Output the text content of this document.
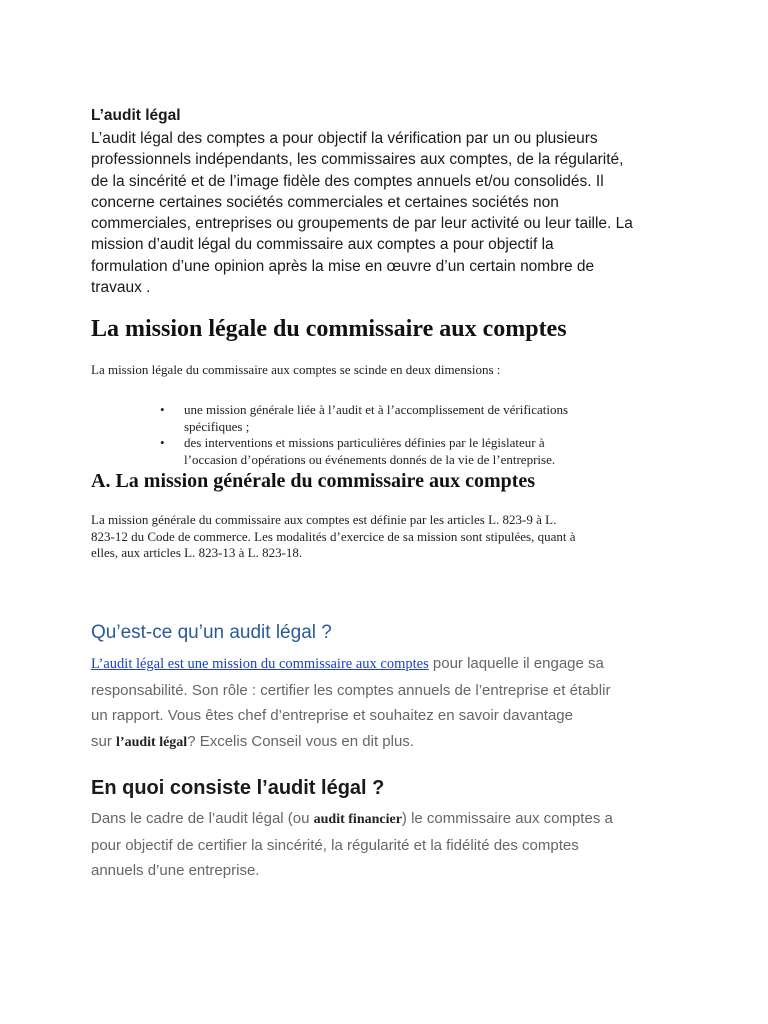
L’audit légal
L’audit légal des comptes a pour objectif la vérification par un ou plusieurs
professionnels indépendants, les commissaires aux comptes, de la régularité,
de la sincérité et de l’image fidèle des comptes annuels et/ou consolidés. Il
concerne certaines sociétés commerciales et certaines sociétés non
commerciales, entreprises ou groupements de par leur activité ou leur taille. La
mission d’audit légal du commissaire aux comptes a pour objectif la
formulation d’une opinion après la mise en œuvre d’un certain nombre de
travaux .
La mission légale du commissaire aux comptes
La mission légale du commissaire aux comptes se scinde en deux dimensions :
• une mission générale liée à l’audit et à l’accomplissement de vérifications
spécifiques ;
• des interventions et missions particulières définies par le législateur à
l’occasion d’opérations ou événements donnés de la vie de l’entreprise.
A. La mission générale du commissaire aux comptes
La mission générale du commissaire aux comptes est définie par les articles L. 823-9 à L.
823-12 du Code de commerce. Les modalités d’exercice de sa mission sont stipulées, quant à
elles, aux articles L. 823-13 à L. 823-18.
Qu’est-ce qu’un audit légal ?
L’audit légal est une mission du commissaire aux comptes pour laquelle il engage sa
responsabilité. Son rôle : certifier les comptes annuels de l’entreprise et établir
un rapport. Vous êtes chef d’entreprise et souhaitez en savoir davantage
sur l’audit légal? Excelis Conseil vous en dit plus.
En quoi consiste l’audit légal ?
Dans le cadre de l’audit légal (ou audit financier) le commissaire aux comptes a
pour objectif de certifier la sincérité, la régularité et la fidélité des comptes
annuels d’une entreprise.
